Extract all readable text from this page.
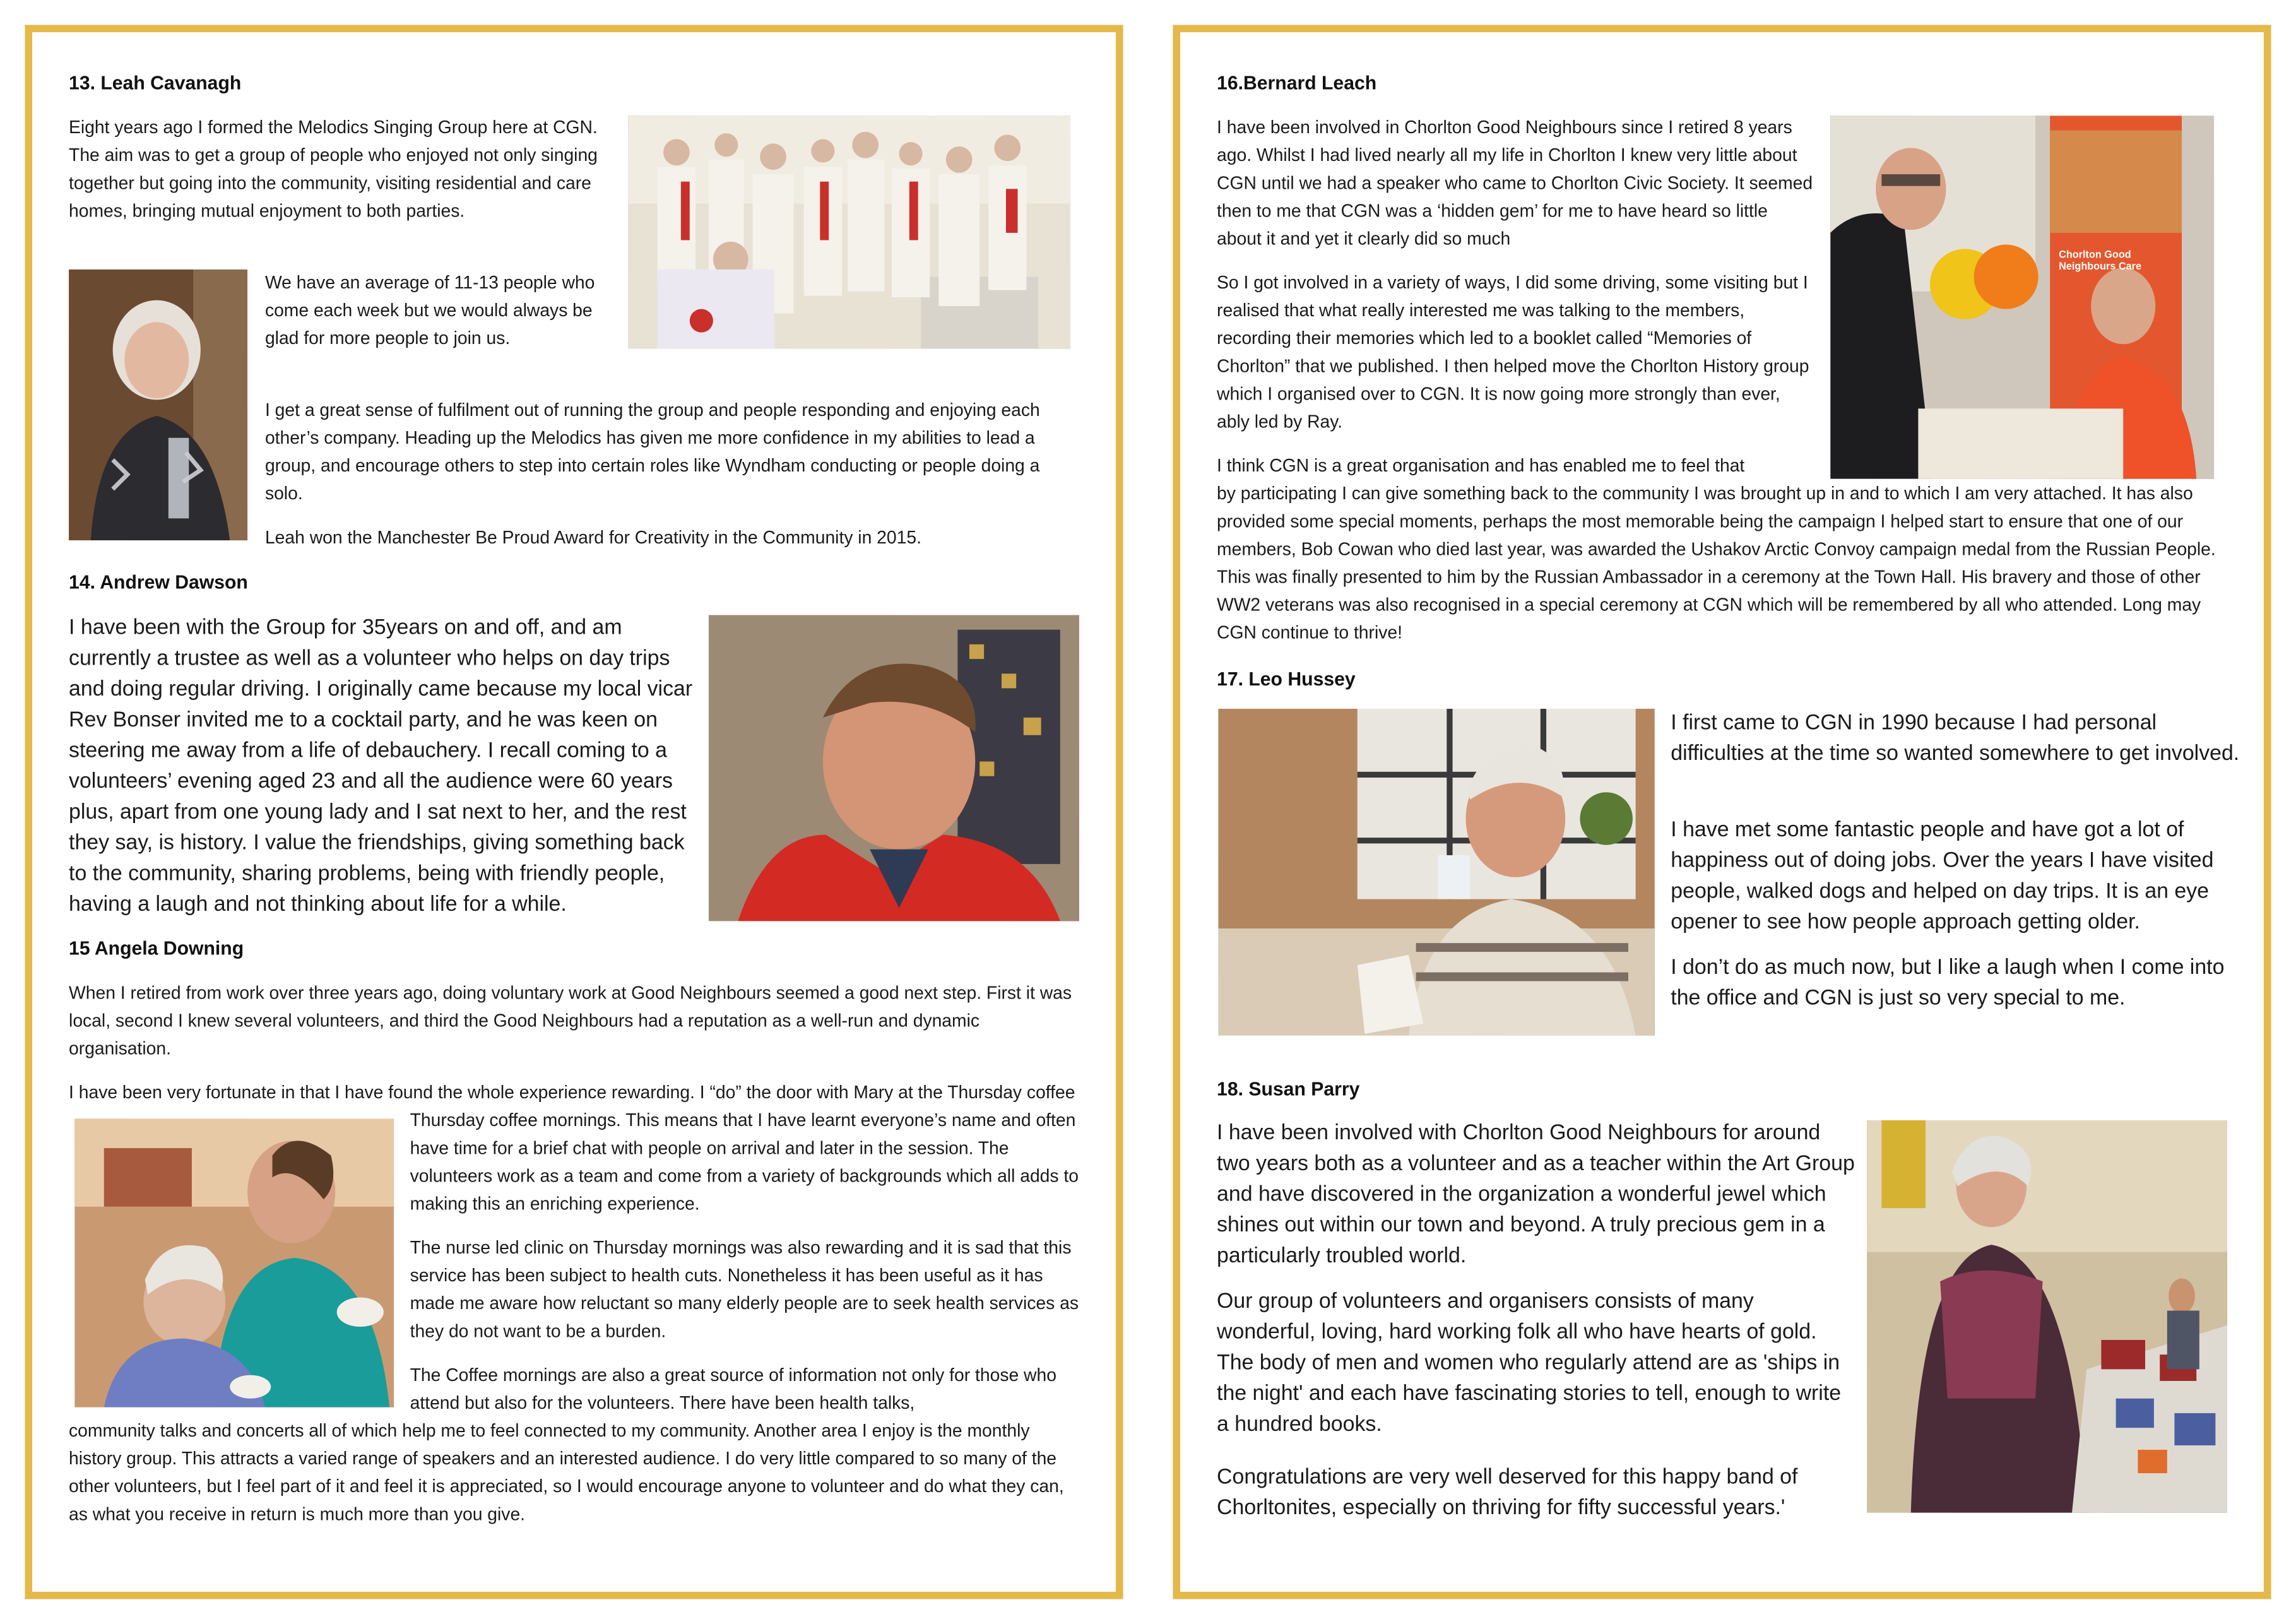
13. Leah Cavanagh
Eight years ago I formed the Melodics Singing Group here at CGN. The aim was to get a group of people who enjoyed not only singing together but going into the community, visiting residential and care homes, bringing mutual enjoyment to both parties.
We have an average of 11-13 people who come each week but we would always be glad for more people to join us.
I get a great sense of fulfilment out of running the group and people responding and enjoying each other’s company. Heading up the Melodics has given me more confidence in my abilities to lead a group, and encourage others to step into certain roles like Wyndham conducting or people doing a solo.
Leah won the Manchester Be Proud Award for Creativity in the Community in 2015.
14. Andrew Dawson
I have been with the Group for 35years on and off, and am currently a trustee as well as a volunteer who helps on day trips and doing regular driving. I originally came because my local vicar Rev Bonser invited me to a cocktail party, and he was keen on steering me away from a life of debauchery. I recall coming to a volunteers’ evening aged 23 and all the audience were 60 years plus, apart from one young lady and I sat next to her, and the rest they say, is history. I value the friendships, giving something back to the community, sharing problems, being with friendly people, having a laugh and not thinking about life for a while.
15 Angela Downing
When I retired from work over three years ago, doing voluntary work at Good Neighbours seemed a good next step. First it was local, second I knew several volunteers, and third the Good Neighbours had a reputation as a well-run and dynamic organisation.
I have been very fortunate in that I have found the whole experience rewarding. I “do” the door with Mary at the Thursday coffee
Thursday coffee mornings. This means that I have learnt everyone’s name and often have time for a brief chat with people on arrival and later in the session. The volunteers work as a team and come from a variety of backgrounds which all adds to making this an enriching experience.
The nurse led clinic on Thursday mornings was also rewarding and it is sad that this service has been subject to health cuts. Nonetheless it has been useful as it has made me aware how reluctant so many elderly people are to seek health services as they do not want to be a burden.
The Coffee mornings are also a great source of information not only for those who attend but also for the volunteers. There have been health talks,
community talks and concerts all of which help me to feel connected to my community. Another area I enjoy is the monthly history group. This attracts a varied range of speakers and an interested audience. I do very little compared to so many of the other volunteers, but I feel part of it and feel it is appreciated, so I would encourage anyone to volunteer and do what they can, as what you receive in return is much more than you give.
16.Bernard Leach
I have been involved in Chorlton Good Neighbours since I retired 8 years ago. Whilst I had lived nearly all my life in Chorlton I knew very little about CGN until we had a speaker who came to Chorlton Civic Society. It seemed then to me that CGN was a ‘hidden gem’ for me to have heard so little about it and yet it clearly did so much
So I got involved in a variety of ways, I did some driving, some visiting but I realised that what really interested me was talking to the members, recording their memories which led to a booklet called “Memories of Chorlton” that we published. I then helped move the Chorlton History group which I organised over to CGN. It is now going more strongly than ever, ably led by Ray.
Chorlton Good Neighbours Care
I think CGN is a great organisation and has enabled me to feel that
by participating I can give something back to the community I was brought up in and to which I am very attached. It has also provided some special moments, perhaps the most memorable being the campaign I helped start to ensure that one of our members, Bob Cowan who died last year, was awarded the Ushakov Arctic Convoy campaign medal from the Russian People. This was finally presented to him by the Russian Ambassador in a ceremony at the Town Hall. His bravery and those of other WW2 veterans was also recognised in a special ceremony at CGN which will be remembered by all who attended. Long may CGN continue to thrive!
17. Leo Hussey
I first came to CGN in 1990 because I had personal difficulties at the time so wanted somewhere to get involved.
I have met some fantastic people and have got a lot of happiness out of doing jobs. Over the years I have visited people, walked dogs and helped on day trips. It is an eye opener to see how people approach getting older.
I don’t do as much now, but I like a laugh when I come into the office and CGN is just so very special to me.
18. Susan Parry
I have been involved with Chorlton Good Neighbours for around two years both as a volunteer and as a teacher within the Art Group and have discovered in the organization a wonderful jewel which shines out within our town and beyond. A truly precious gem in a particularly troubled world.
Our group of volunteers and organisers consists of many wonderful, loving, hard working folk all who have hearts of gold. The body of men and women who regularly attend are as 'ships in the night' and each have fascinating stories to tell, enough to write a hundred books.
Congratulations are very well deserved for this happy band of Chorltonites, especially on thriving for fifty successful years.'
